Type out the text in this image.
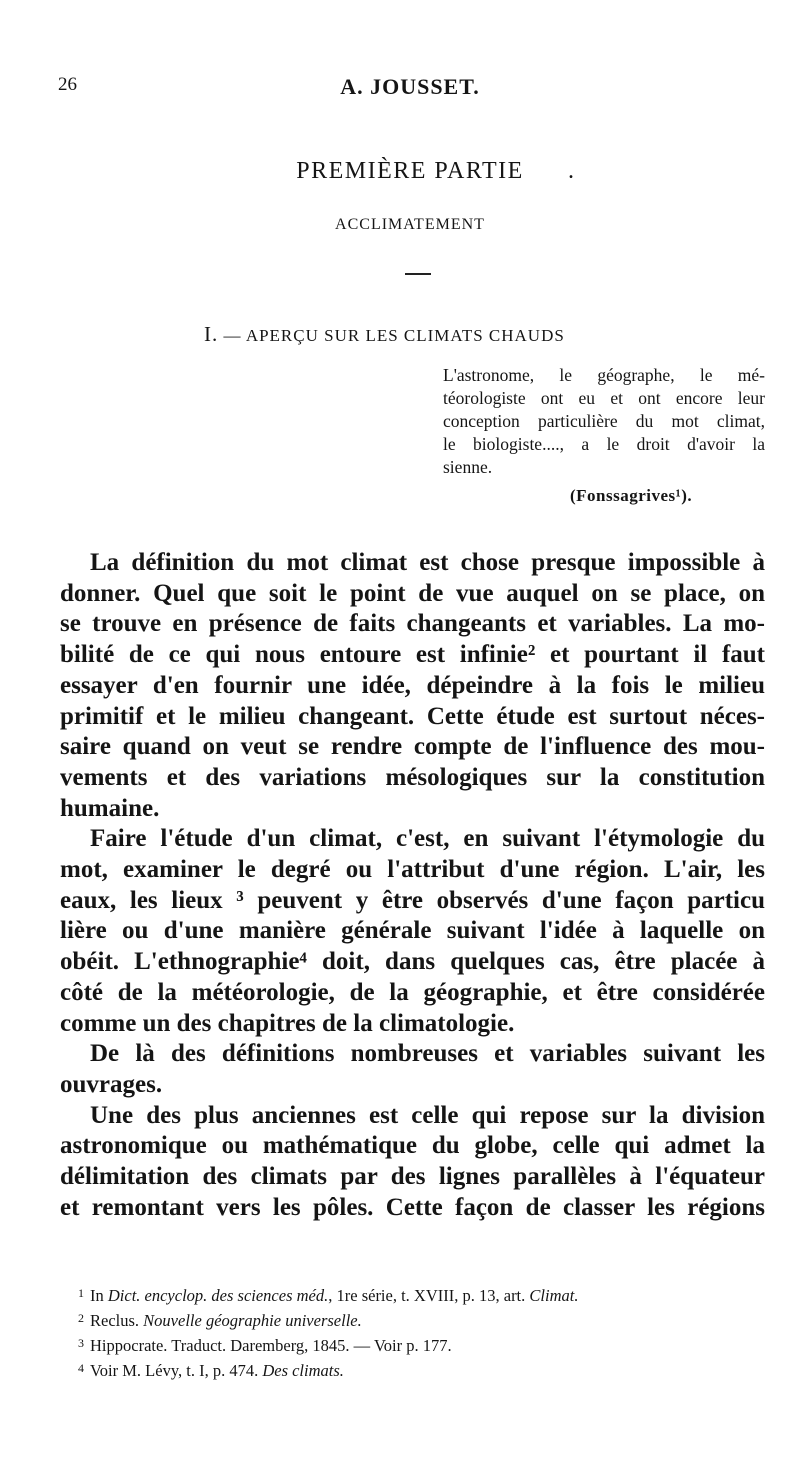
26	A. JOUSSET.
PREMIÈRE PARTIE	.
ACCLIMATEMENT
I. — APERÇU SUR LES CLIMATS CHAUDS
L'astronome, le géographe, le mé-
téorologiste ont eu et ont encore leur
conception particulière du mot climat,
le biologiste...., a le droit d'avoir la
sienne.
(Fonssagrives¹).

La définition du mot climat est chose presque impossible à
donner. Quel que soit le point de vue auquel on se place, on
se trouve en présence de faits changeants et variables. La mo-
bilité de ce qui nous entoure est infinie² et pourtant il faut
essayer d'en fournir une idée, dépeindre à la fois le milieu
primitif et le milieu changeant. Cette étude est surtout néces-
saire quand on veut se rendre compte de l'influence des mou-
vements et des variations mésologiques sur la constitution
humaine.

Faire l'étude d'un climat, c'est, en suivant l'étymologie du
mot, examiner le degré ou l'attribut d'une région. L'air, les
eaux, les lieux ³ peuvent y être observés d'une façon particu
lière ou d'une manière générale suivant l'idée à laquelle on
obéit. L'ethnographie⁴ doit, dans quelques cas, être placée à
côté de la météorologie, de la géographie, et être considérée
comme un des chapitres de la climatologie.

De là des définitions nombreuses et variables suivant les
ouvrages.

Une des plus anciennes est celle qui repose sur la division
astronomique ou mathématique du globe, celle qui admet la
délimitation des climats par des lignes parallèles à l'équateur
et remontant vers les pôles. Cette façon de classer les régions

$^1$ In Dict. encyclop. des sciences méd., 1re série, t. XVIII, p. 13, art. Climat.
$^2$ Reclus. Nouvelle géographie universelle.
$^3$ Hippocrate. Traduct. Daremberg, 1845. — Voir p. 177.
$^4$ Voir M. Lévy, t. I, p. 474. Des climats.
